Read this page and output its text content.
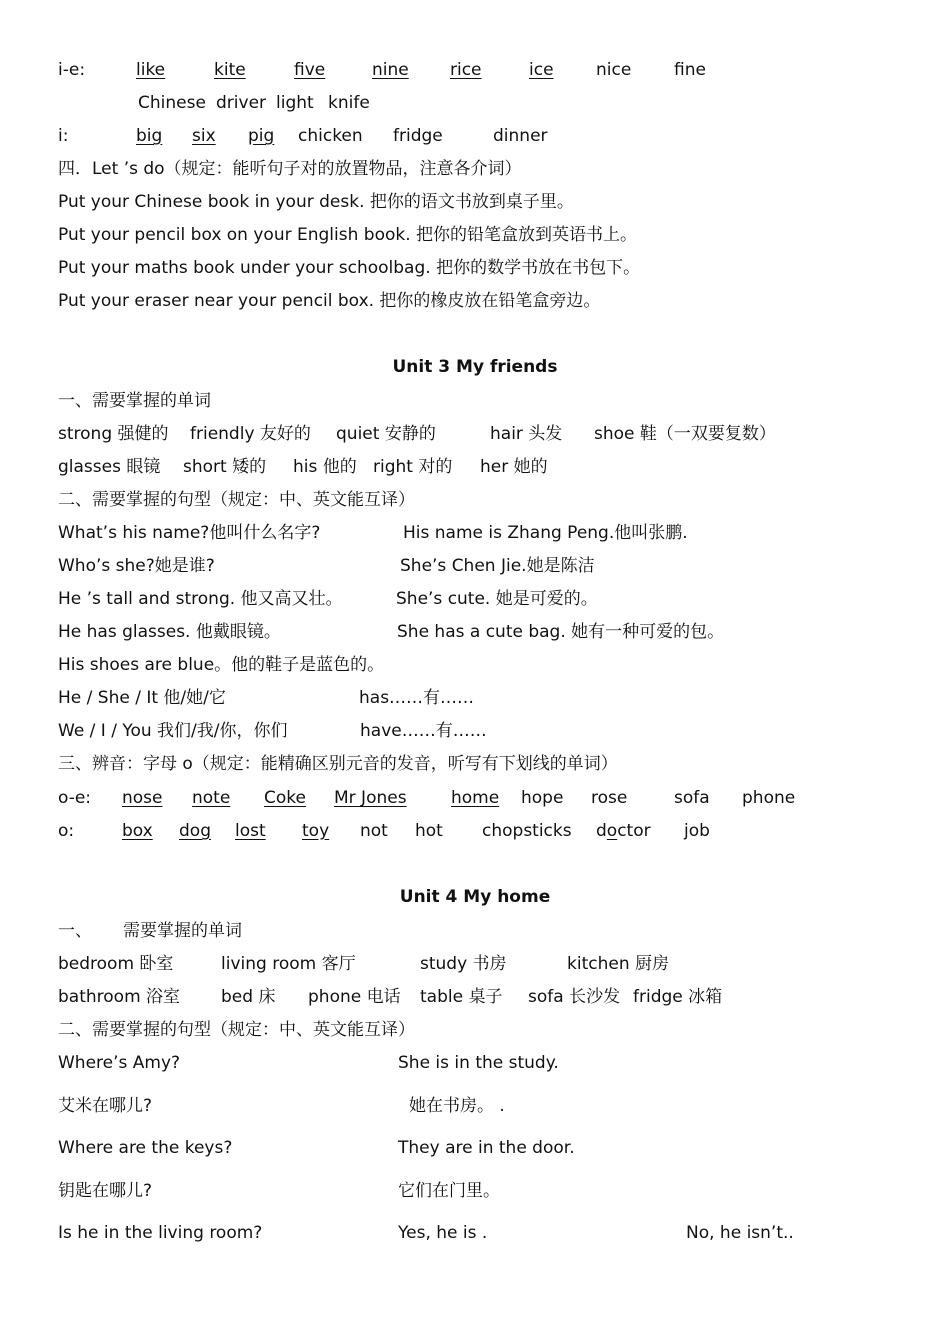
i-e:	like	kite	five	nine rice	ice nice	fine
Chinese driver light knife
i:	big six pig chicken fridge	dinner
四．Let ’s do（规定：能听句子对的放置物品，注意各介词）
Put your Chinese book in your desk. 把你的语文书放到桌子里。
Put your pencil box on your English book. 把你的铅笔盒放到英语书上。
Put your maths book under your schoolbag. 把你的数学书放在书包下。
Put your eraser near your pencil box. 把你的橡皮放在铅笔盒旁边。
Unit 3 My friends
一、需要掌握的单词
strong 强健的 friendly 友好的 quiet 安静的	hair 头发 shoe 鞋（一双要复数）
glasses 眼镜 short 矮的 his 他的 right 对的 her 她的
二、需要掌握的句型（规定：中、英文能互译）
What’s his name?他叫什么名字?	His name is Zhang Peng.他叫张鹏.
Who’s she?她是谁?	She’s Chen Jie.她是陈洁
He ’s tall and strong. 他又高又壮。	She’s cute. 她是可爱的。
He has glasses. 他戴眼镜。	She has a cute bag. 她有一种可爱的包。
His shoes are blue。他的鞋子是蓝色的。
He / She / It 他/她/它	has……有……
We / I / You 我们/我/你，你们	have……有……
三、辨音：字母 o（规定：能精确区别元音的发音，听写有下划线的单词）
o-e: nose note Coke Mr Jones	home hope rose	sofa phone
o:	box dog lost toy not hot chopsticks doctor job
Unit 4 My home
一、 需要掌握的单词
bedroom 卧室	living room 客厅	study 书房	kitchen 厨房
bathroom 浴室 bed 床 phone 电话 table 桌子 sofa 长沙发 fridge 冰箱
二、需要掌握的句型（规定：中、英文能互译）
Where’s Amy?	She is in the study.
艾米在哪儿?	她在书房。 .
Where are the keys?	They are in the door.
钥匙在哪儿?	它们在门里。
Is he in the living room?	Yes, he is .	No, he isn’t..
